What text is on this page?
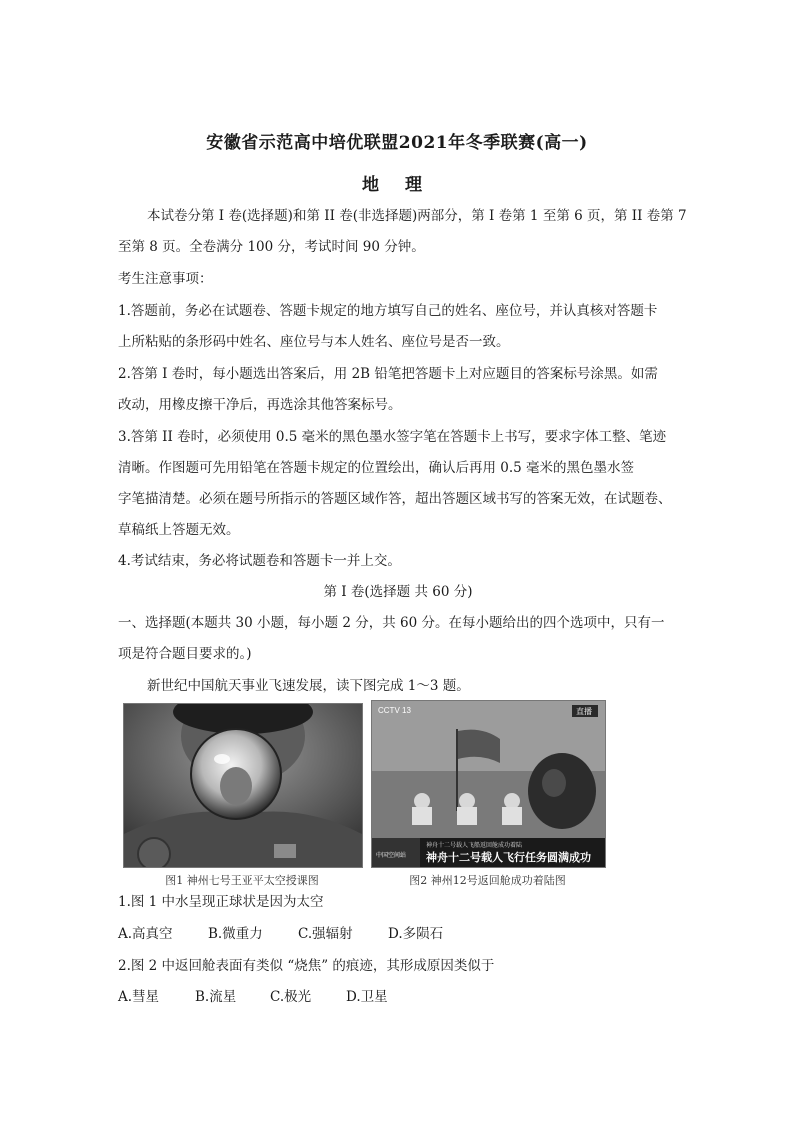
安徽省示范高中培优联盟2021年冬季联赛(高一)
地 理
本试卷分第 I 卷(选择题)和第 II 卷(非选择题)两部分，第 I 卷第 1 至第 6 页，第 II 卷第 7
至第 8 页。全卷满分 100 分，考试时间 90 分钟。
考生注意事项：
1.答题前，务必在试题卷、答题卡规定的地方填写自己的姓名、座位号，并认真核对答题卡
上所粘贴的条形码中姓名、座位号与本人姓名、座位号是否一致。
2.答第 I 卷时，每小题选出答案后，用 2B 铅笔把答题卡上对应题目的答案标号涂黑。如需
改动，用橡皮擦干净后，再选涂其他答案标号。
3.答第 II 卷时，必须使用 0.5 毫米的黑色墨水签字笔在答题卡上书写，要求字体工整、笔迹
清晰。作图题可先用铅笔在答题卡规定的位置绘出，确认后再用 0.5 毫米的黑色墨水签
字笔描清楚。必须在题号所指示的答题区域作答，超出答题区域书写的答案无效，在试题卷、
草稿纸上答题无效。
4.考试结束，务必将试题卷和答题卡一并上交。
第 I 卷(选择题 共 60 分)
一、选择题(本题共 30 小题，每小题 2 分，共 60 分。在每小题给出的四个选项中，只有一
项是符合题目要求的。)
新世纪中国航天事业飞速发展，读下图完成 1～3 题。
图1 神州七号王亚平太空授课图
CCTV 13	直播
中国空间站
神舟十二号载人飞船返回舱成功着陆
神舟十二号载人飞行任务圆满成功
图2 神州12号返回舱成功着陆图
1.图 1 中水呈现正球状是因为太空
A.高真空	B.微重力	C.强辐射	D.多陨石
2.图 2 中返回舱表面有类似 “烧焦” 的痕迹，其形成原因类似于
A.彗星	B.流星	C.极光	D.卫星
